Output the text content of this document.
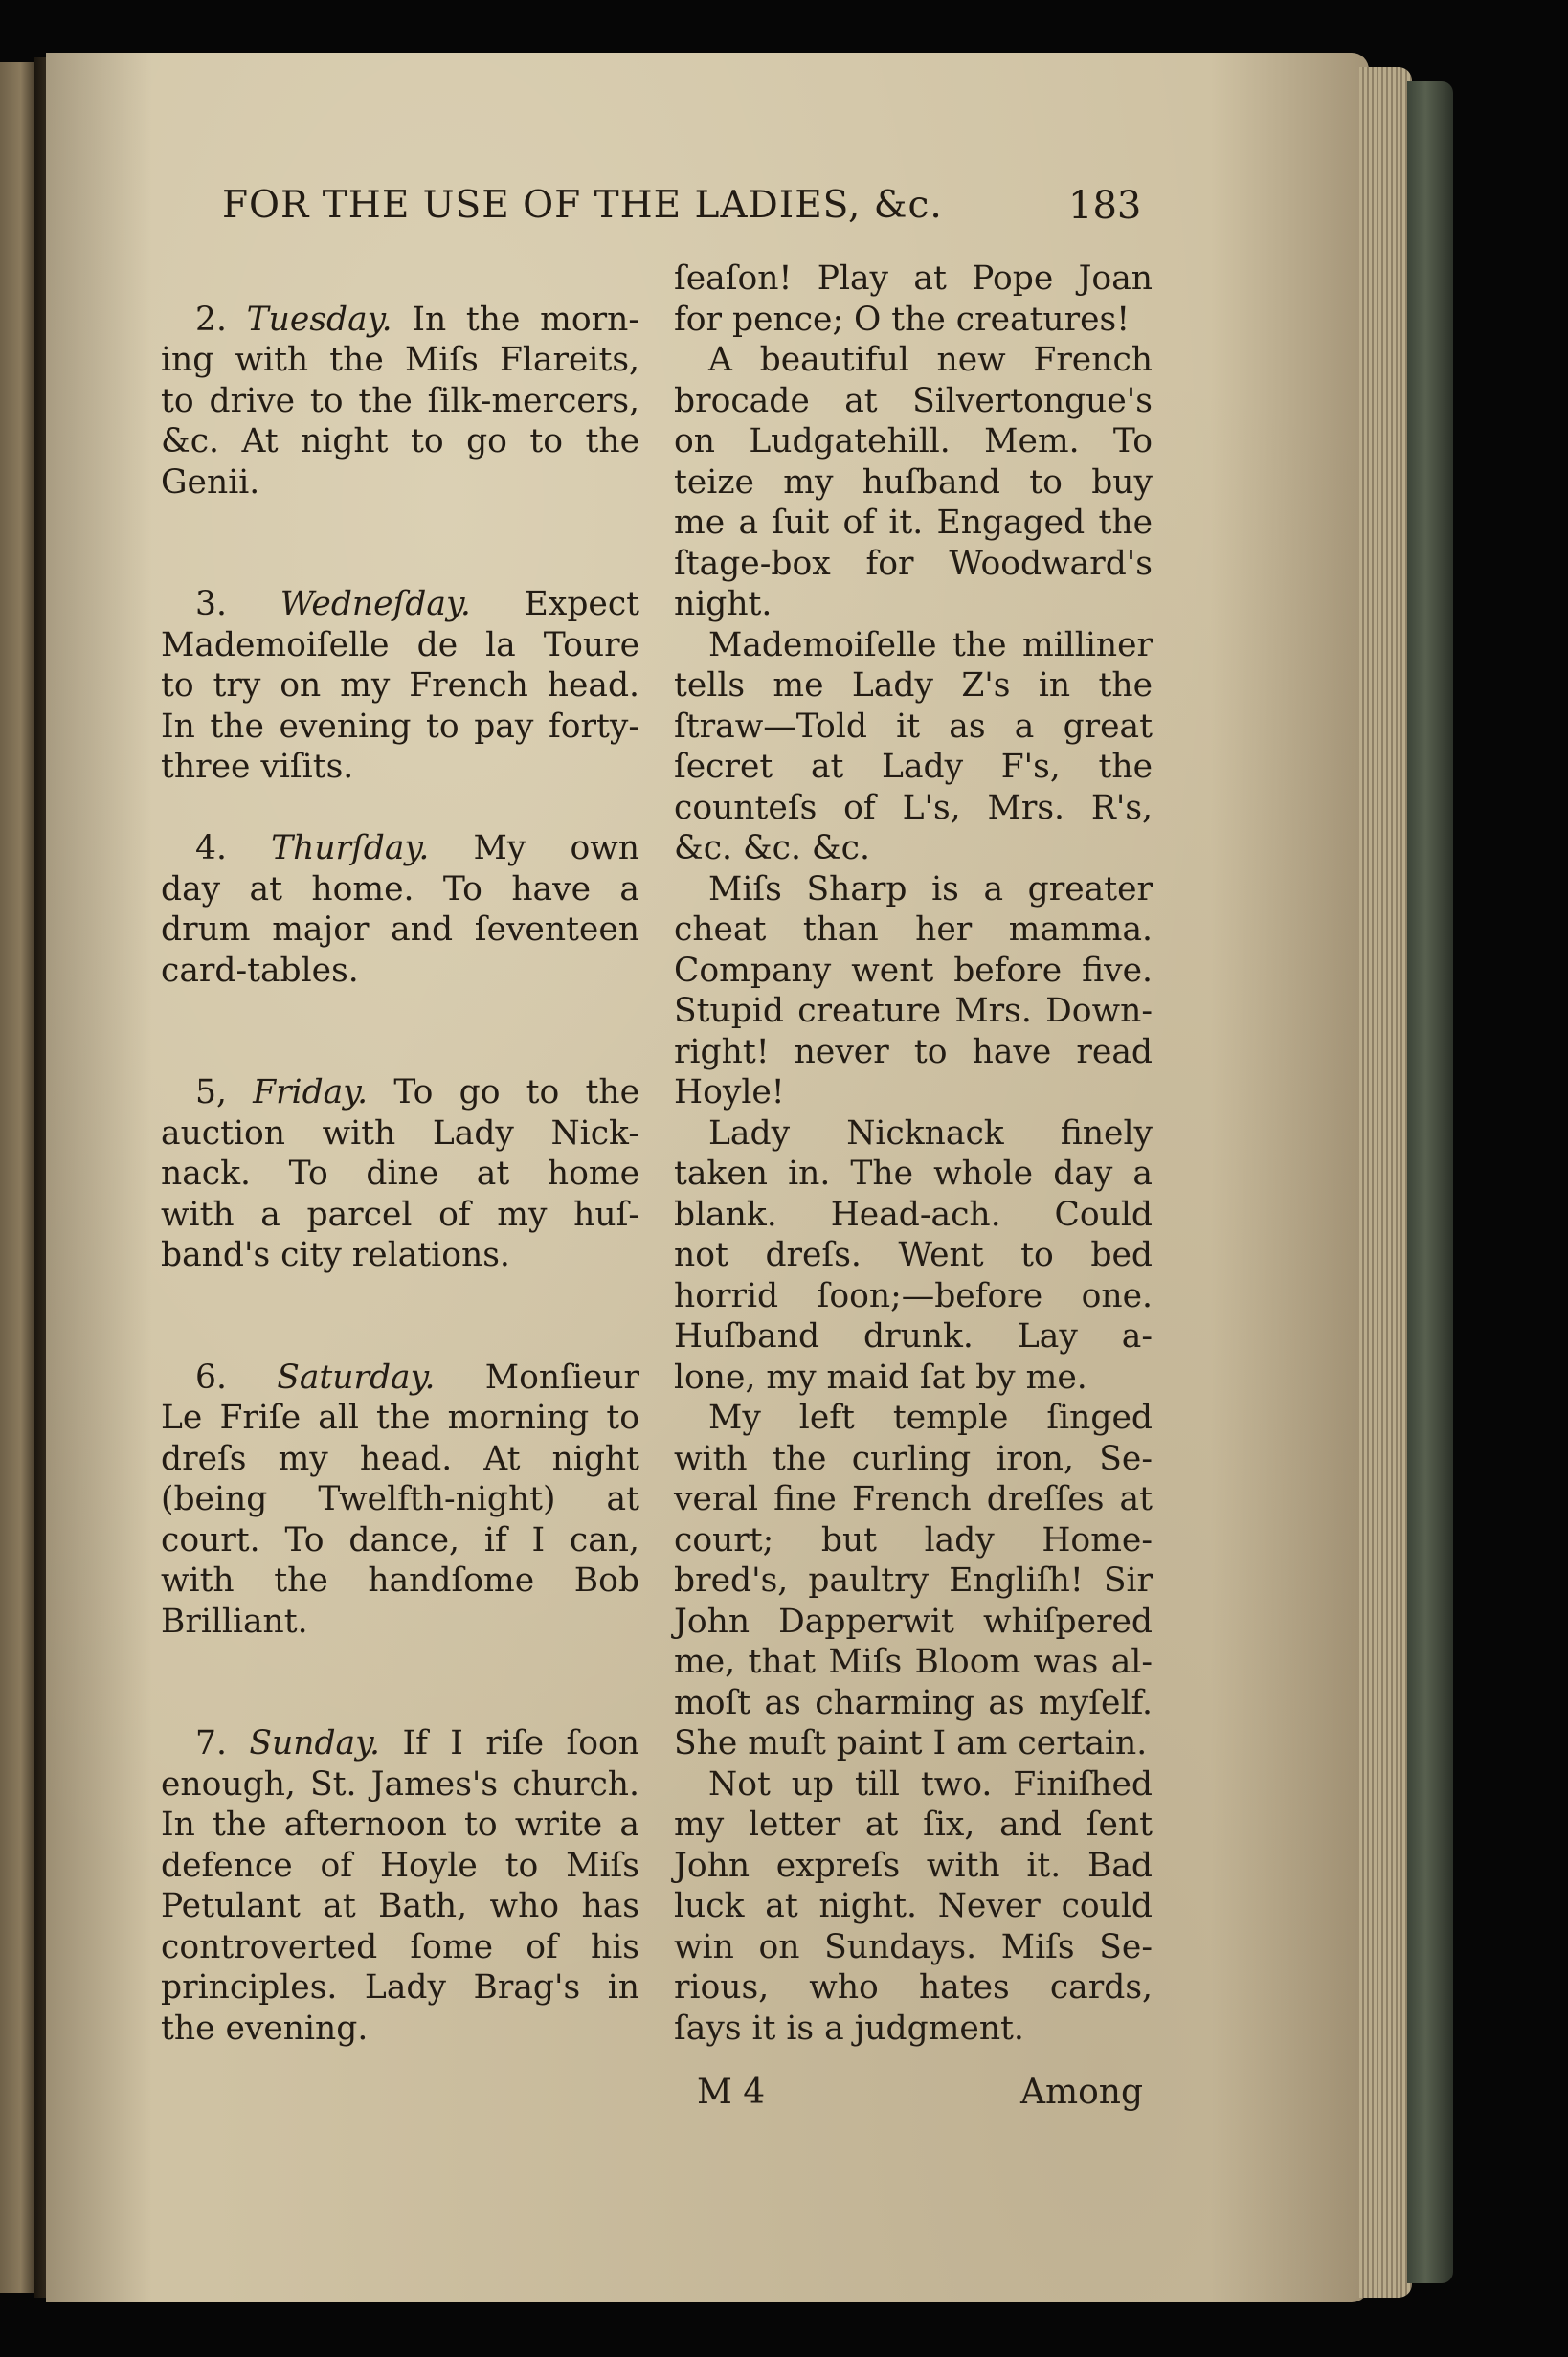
FOR THE USE OF THE LADIES, &c.	183
2. Tuesday. In the morn-
ing with the Miſs Flareits,
to drive to the ſilk-mercers,
&c. At night to go to the
Genii.
3. Wedneſday. Expect
Mademoiſelle de la Toure
to try on my French head.
In the evening to pay forty-
three viſits.
4. Thurſday. My own
day at home. To have a
drum major and ſeventeen
card-tables.
5, Friday. To go to the
auction with Lady Nick-
nack. To dine at home
with a parcel of my huſ-
band's city relations.
6. Saturday. Monſieur
Le Friſe all the morning to
dreſs my head. At night
(being Twelfth-night) at
court. To dance, if I can,
with the handſome Bob
Brilliant.
7. Sunday. If I riſe ſoon
enough, St. James's church.
In the afternoon to write a
defence of Hoyle to Miſs
Petulant at Bath, who has
controverted ſome of his
principles. Lady Brag's in
the evening.
ſeaſon! Play at Pope Joan
for pence; O the creatures!
A beautiful new French
brocade at Silvertongue's
on Ludgatehill. Mem. To
teize my huſband to buy
me a ſuit of it. Engaged the
ſtage-box for Woodward's
night.
Mademoiſelle the milliner
tells me Lady Z's in the
ſtraw—Told it as a great
ſecret at Lady F's, the
counteſs of L's, Mrs. R's,
&c. &c. &c.
Miſs Sharp is a greater
cheat than her mamma.
Company went before five.
Stupid creature Mrs. Down-
right! never to have read
Hoyle!
Lady Nicknack finely
taken in. The whole day a
blank. Head-ach. Could
not dreſs. Went to bed
horrid ſoon;—before one.
Huſband drunk. Lay a-
lone, my maid ſat by me.
My left temple ſinged
with the curling iron, Se-
veral fine French dreſſes at
court; but lady Home-
bred's, paultry Engliſh! Sir
John Dapperwit whiſpered
me, that Miſs Bloom was al-
moſt as charming as myſelf.
She muſt paint I am certain.
Not up till two. Finiſhed
my letter at ſix, and ſent
John expreſs with it. Bad
luck at night. Never could
win on Sundays. Miſs Se-
rious, who hates cards,
ſays it is a judgment.
M 4	Among
